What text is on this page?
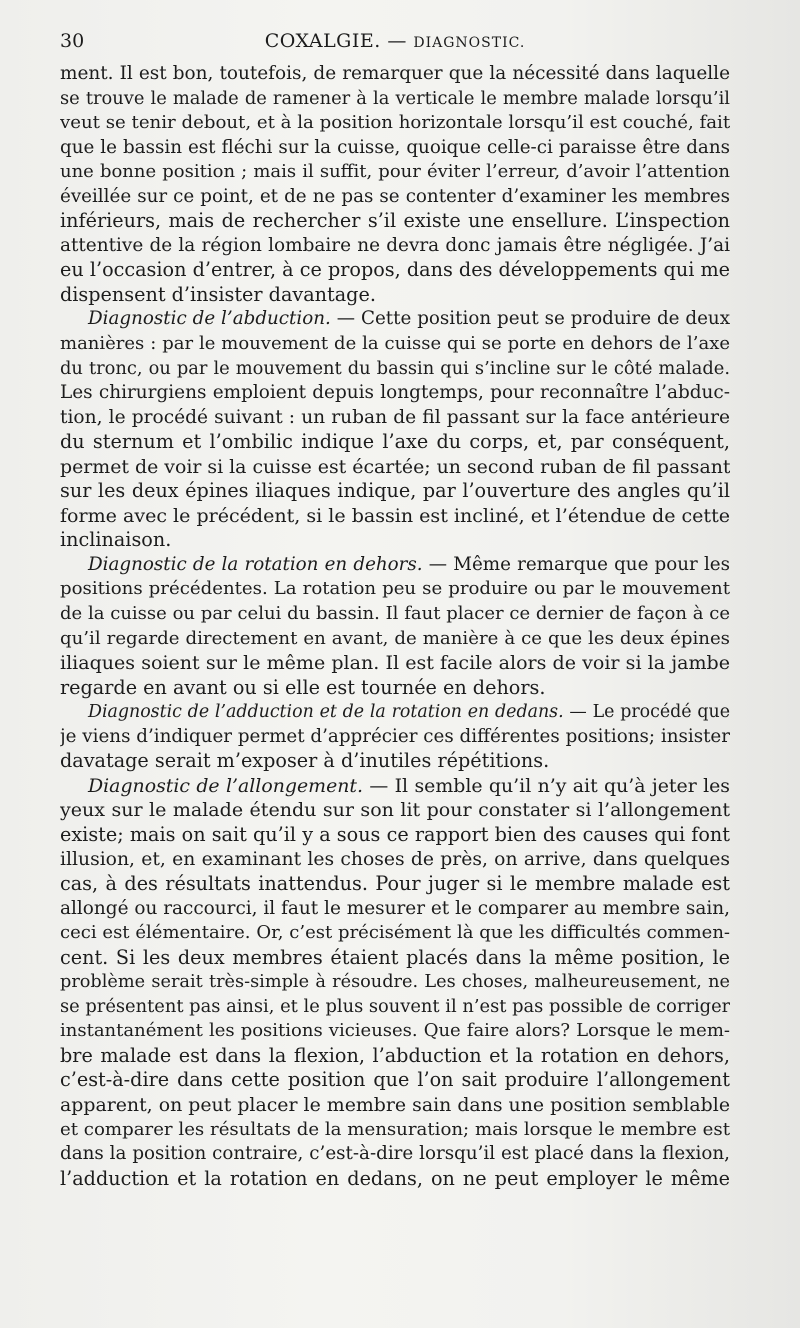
30	COXALGIE. — DIAGNOSTIC.
ment. Il est bon, toutefois, de remarquer que la nécessité dans laquelle
se trouve le malade de ramener à la verticale le membre malade lorsqu’il
veut se tenir debout, et à la position horizontale lorsqu’il est couché, fait
que le bassin est fléchi sur la cuisse, quoique celle-ci paraisse être dans
une bonne position ; mais il suffit, pour éviter l’erreur, d’avoir l’attention
éveillée sur ce point, et de ne pas se contenter d’examiner les membres
inférieurs, mais de rechercher s’il existe une ensellure. L’inspection
attentive de la région lombaire ne devra donc jamais être négligée. J’ai
eu l’occasion d’entrer, à ce propos, dans des développements qui me
dispensent d’insister davantage.
Diagnostic de l’abduction. — Cette position peut se produire de deux
manières : par le mouvement de la cuisse qui se porte en dehors de l’axe
du tronc, ou par le mouvement du bassin qui s’incline sur le côté malade.
Les chirurgiens emploient depuis longtemps, pour reconnaître l’abduc-
tion, le procédé suivant : un ruban de fil passant sur la face antérieure
du sternum et l’ombilic indique l’axe du corps, et, par conséquent,
permet de voir si la cuisse est écartée; un second ruban de fil passant
sur les deux épines iliaques indique, par l’ouverture des angles qu’il
forme avec le précédent, si le bassin est incliné, et l’étendue de cette
inclinaison.
Diagnostic de la rotation en dehors. — Même remarque que pour les
positions précédentes. La rotation peu se produire ou par le mouvement
de la cuisse ou par celui du bassin. Il faut placer ce dernier de façon à ce
qu’il regarde directement en avant, de manière à ce que les deux épines
iliaques soient sur le même plan. Il est facile alors de voir si la jambe
regarde en avant ou si elle est tournée en dehors.
Diagnostic de l’adduction et de la rotation en dedans. — Le procédé que
je viens d’indiquer permet d’apprécier ces différentes positions; insister
davatage serait m’exposer à d’inutiles répétitions.
Diagnostic de l’allongement. — Il semble qu’il n’y ait qu’à jeter les
yeux sur le malade étendu sur son lit pour constater si l’allongement
existe; mais on sait qu’il y a sous ce rapport bien des causes qui font
illusion, et, en examinant les choses de près, on arrive, dans quelques
cas, à des résultats inattendus. Pour juger si le membre malade est
allongé ou raccourci, il faut le mesurer et le comparer au membre sain,
ceci est élémentaire. Or, c’est précisément là que les difficultés commen-
cent. Si les deux membres étaient placés dans la même position, le
problème serait très-simple à résoudre. Les choses, malheureusement, ne
se présentent pas ainsi, et le plus souvent il n’est pas possible de corriger
instantanément les positions vicieuses. Que faire alors? Lorsque le mem-
bre malade est dans la flexion, l’abduction et la rotation en dehors,
c’est-à-dire dans cette position que l’on sait produire l’allongement
apparent, on peut placer le membre sain dans une position semblable
et comparer les résultats de la mensuration; mais lorsque le membre est
dans la position contraire, c’est-à-dire lorsqu’il est placé dans la flexion,
l’adduction et la rotation en dedans, on ne peut employer le même
